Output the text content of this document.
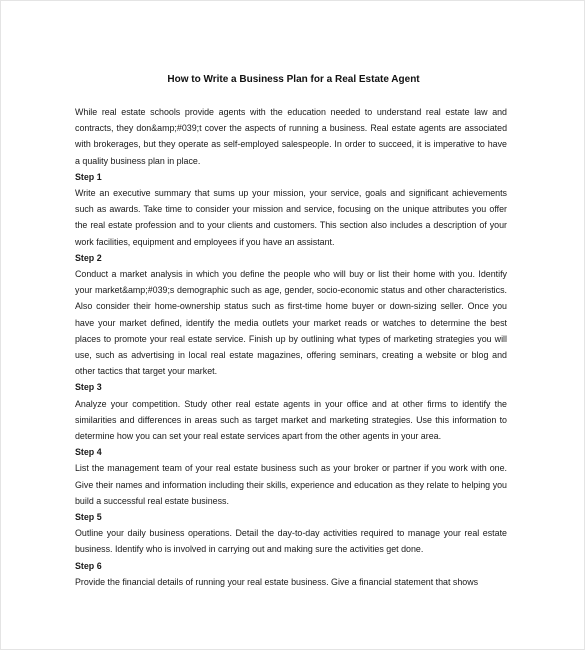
How to Write a Business Plan for a Real Estate Agent

While real estate schools provide agents with the education needed to understand real estate law and contracts, they don&amp;#039;t cover the aspects of running a business. Real estate agents are associated with brokerages, but they operate as self-employed salespeople. In order to succeed, it is imperative to have a quality business plan in place.

Step 1

Write an executive summary that sums up your mission, your service, goals and significant achievements such as awards. Take time to consider your mission and service, focusing on the unique attributes you offer the real estate profession and to your clients and customers. This section also includes a description of your work facilities, equipment and employees if you have an assistant.

Step 2

Conduct a market analysis in which you define the people who will buy or list their home with you. Identify your market&amp;#039;s demographic such as age, gender, socio-economic status and other characteristics. Also consider their home-ownership status such as first-time home buyer or down-sizing seller. Once you have your market defined, identify the media outlets your market reads or watches to determine the best places to promote your real estate service. Finish up by outlining what types of marketing strategies you will use, such as advertising in local real estate magazines, offering seminars, creating a website or blog and other tactics that target your market.

Step 3

Analyze your competition. Study other real estate agents in your office and at other firms to identify the similarities and differences in areas such as target market and marketing strategies. Use this information to determine how you can set your real estate services apart from the other agents in your area.

Step 4

List the management team of your real estate business such as your broker or partner if you work with one. Give their names and information including their skills, experience and education as they relate to helping you build a successful real estate business.

Step 5

Outline your daily business operations. Detail the day-to-day activities required to manage your real estate business. Identify who is involved in carrying out and making sure the activities get done.

Step 6

Provide the financial details of running your real estate business. Give a financial statement that shows
